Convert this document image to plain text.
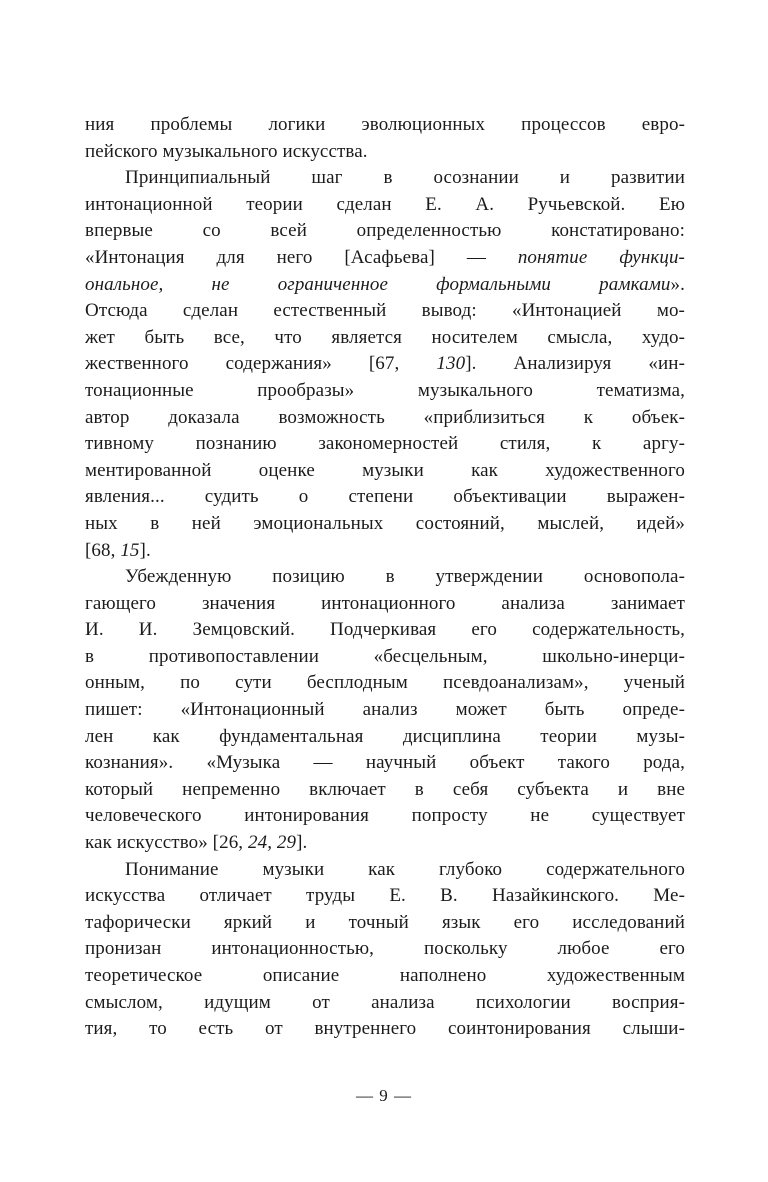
ния проблемы логики эволюционных процессов евро-
пейского музыкального искусства.
Принципиальный шаг в осознании и развитии
интонационной теории сделан Е. А. Ручьевской. Ею
впервые со всей определенностью констатировано:
«Интонация для него [Асафьева] — понятие функци-
ональное, не ограниченное формальными рамками».
Отсюда сделан естественный вывод: «Интонацией мо-
жет быть все, что является носителем смысла, худо-
жественного содержания» [67, 130]. Анализируя «ин-
тонационные прообразы» музыкального тематизма,
автор доказала возможность «приблизиться к объек-
тивному познанию закономерностей стиля, к аргу-
ментированной оценке музыки как художественного
явления... судить о степени объективации выражен-
ных в ней эмоциональных состояний, мыслей, идей»
[68, 15].
Убежденную позицию в утверждении основопола-
гающего значения интонационного анализа занимает
И. И. Земцовский. Подчеркивая его содержательность,
в противопоставлении «бесцельным, школьно-инерци-
онным, по сути бесплодным псевдоанализам», ученый
пишет: «Интонационный анализ может быть опреде-
лен как фундаментальная дисциплина теории музы-
кознания». «Музыка — научный объект такого рода,
который непременно включает в себя субъекта и вне
человеческого интонирования попросту не существует
как искусство» [26, 24, 29].
Понимание музыки как глубоко содержательного
искусства отличает труды Е. В. Назайкинского. Ме-
тафорически яркий и точный язык его исследований
пронизан интонационностью, поскольку любое его
теоретическое описание наполнено художественным
смыслом, идущим от анализа психологии восприя-
тия, то есть от внутреннего соинтонирования слыши-
— 9 —
